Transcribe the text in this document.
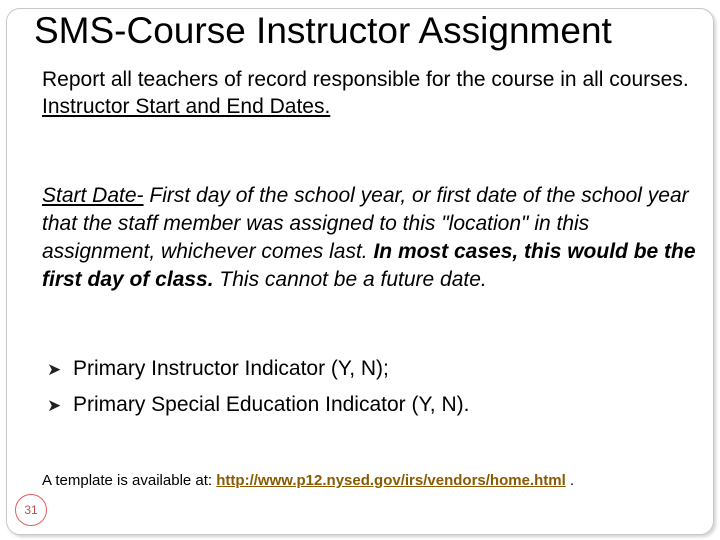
SMS-Course Instructor Assignment
Report all teachers of record responsible for the course in all courses.
Instructor Start and End Dates.
Start Date- First day of the school year, or first date of the school year that the staff member was assigned to this "location" in this assignment, whichever comes last. In most cases, this would be the first day of class. This cannot be a future date.
➤ Primary Instructor Indicator (Y, N);
➤ Primary Special Education Indicator (Y, N).
A template is available at: http://www.p12.nysed.gov/irs/vendors/home.html .
31
